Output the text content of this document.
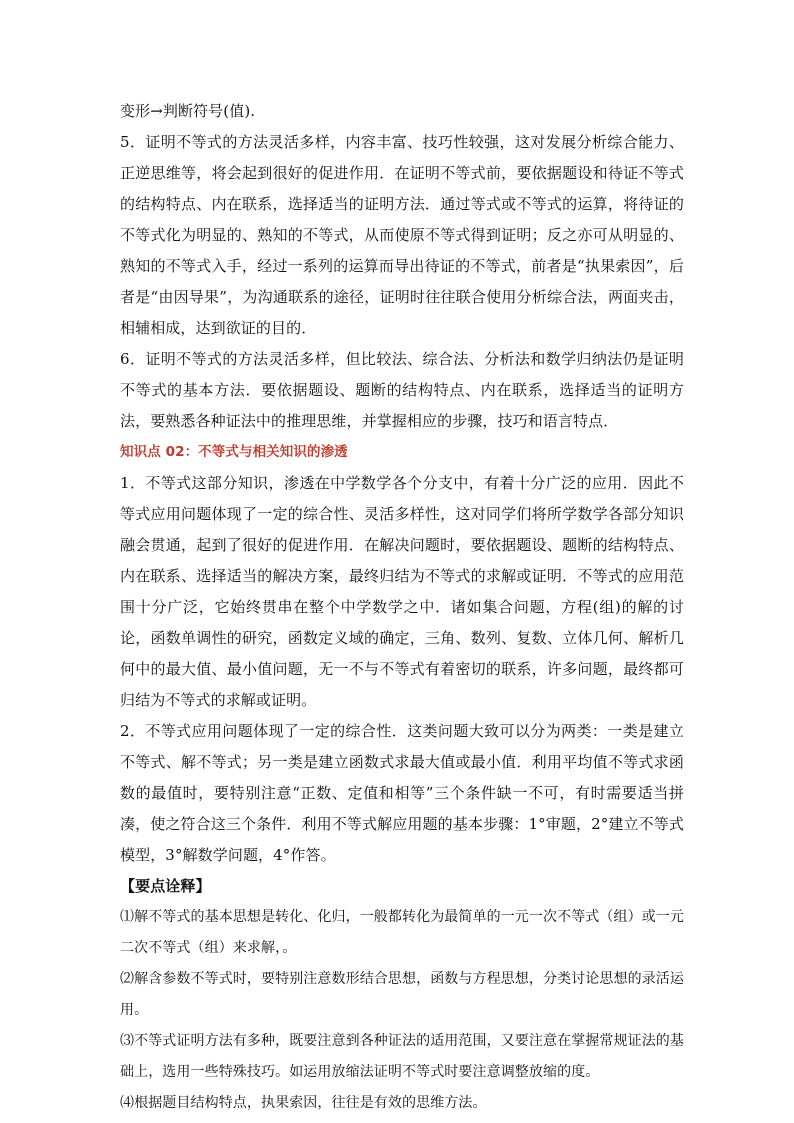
变形→判断符号(值).

5．证明不等式的方法灵活多样，内容丰富、技巧性较强，这对发展分析综合能力、正逆思维等，将会起到很好的促进作用．在证明不等式前，要依据题设和待证不等式的结构特点、内在联系，选择适当的证明方法．通过等式或不等式的运算，将待证的不等式化为明显的、熟知的不等式，从而使原不等式得到证明；反之亦可从明显的、熟知的不等式入手，经过一系列的运算而导出待证的不等式，前者是“执果索因”，后者是“由因导果”，为沟通联系的途径，证明时往往联合使用分析综合法，两面夹击，相辅相成，达到欲证的目的．

6．证明不等式的方法灵活多样，但比较法、综合法、分析法和数学归纳法仍是证明不等式的基本方法．要依据题设、题断的结构特点、内在联系，选择适当的证明方法，要熟悉各种证法中的推理思维，并掌握相应的步骤，技巧和语言特点．

知识点 02：不等式与相关知识的渗透

1．不等式这部分知识，渗透在中学数学各个分支中，有着十分广泛的应用．因此不等式应用问题体现了一定的综合性、灵活多样性，这对同学们将所学数学各部分知识融会贯通，起到了很好的促进作用．在解决问题时，要依据题设、题断的结构特点、内在联系、选择适当的解决方案，最终归结为不等式的求解或证明．不等式的应用范围十分广泛，它始终贯串在整个中学数学之中．诸如集合问题，方程(组)的解的讨论，函数单调性的研究，函数定义域的确定，三角、数列、复数、立体几何、解析几何中的最大值、最小值问题，无一不与不等式有着密切的联系，许多问题，最终都可归结为不等式的求解或证明。

2．不等式应用问题体现了一定的综合性．这类问题大致可以分为两类：一类是建立不等式、解不等式；另一类是建立函数式求最大值或最小值．利用平均值不等式求函数的最值时，要特别注意“正数、定值和相等”三个条件缺一不可，有时需要适当拼凑，使之符合这三个条件．利用不等式解应用题的基本步骤：1°审题，2°建立不等式模型，3°解数学问题，4°作答。

【要点诠释】

⑴解不等式的基本思想是转化、化归，一般都转化为最简单的一元一次不等式（组）或一元二次不等式（组）来求解，。

⑵解含参数不等式时，要特别注意数形结合思想，函数与方程思想，分类讨论思想的录活运用。

⑶不等式证明方法有多种，既要注意到各种证法的适用范围，又要注意在掌握常规证法的基础上，选用一些特殊技巧。如运用放缩法证明不等式时要注意调整放缩的度。

⑷根据题目结构特点，执果索因，往往是有效的思维方法。
